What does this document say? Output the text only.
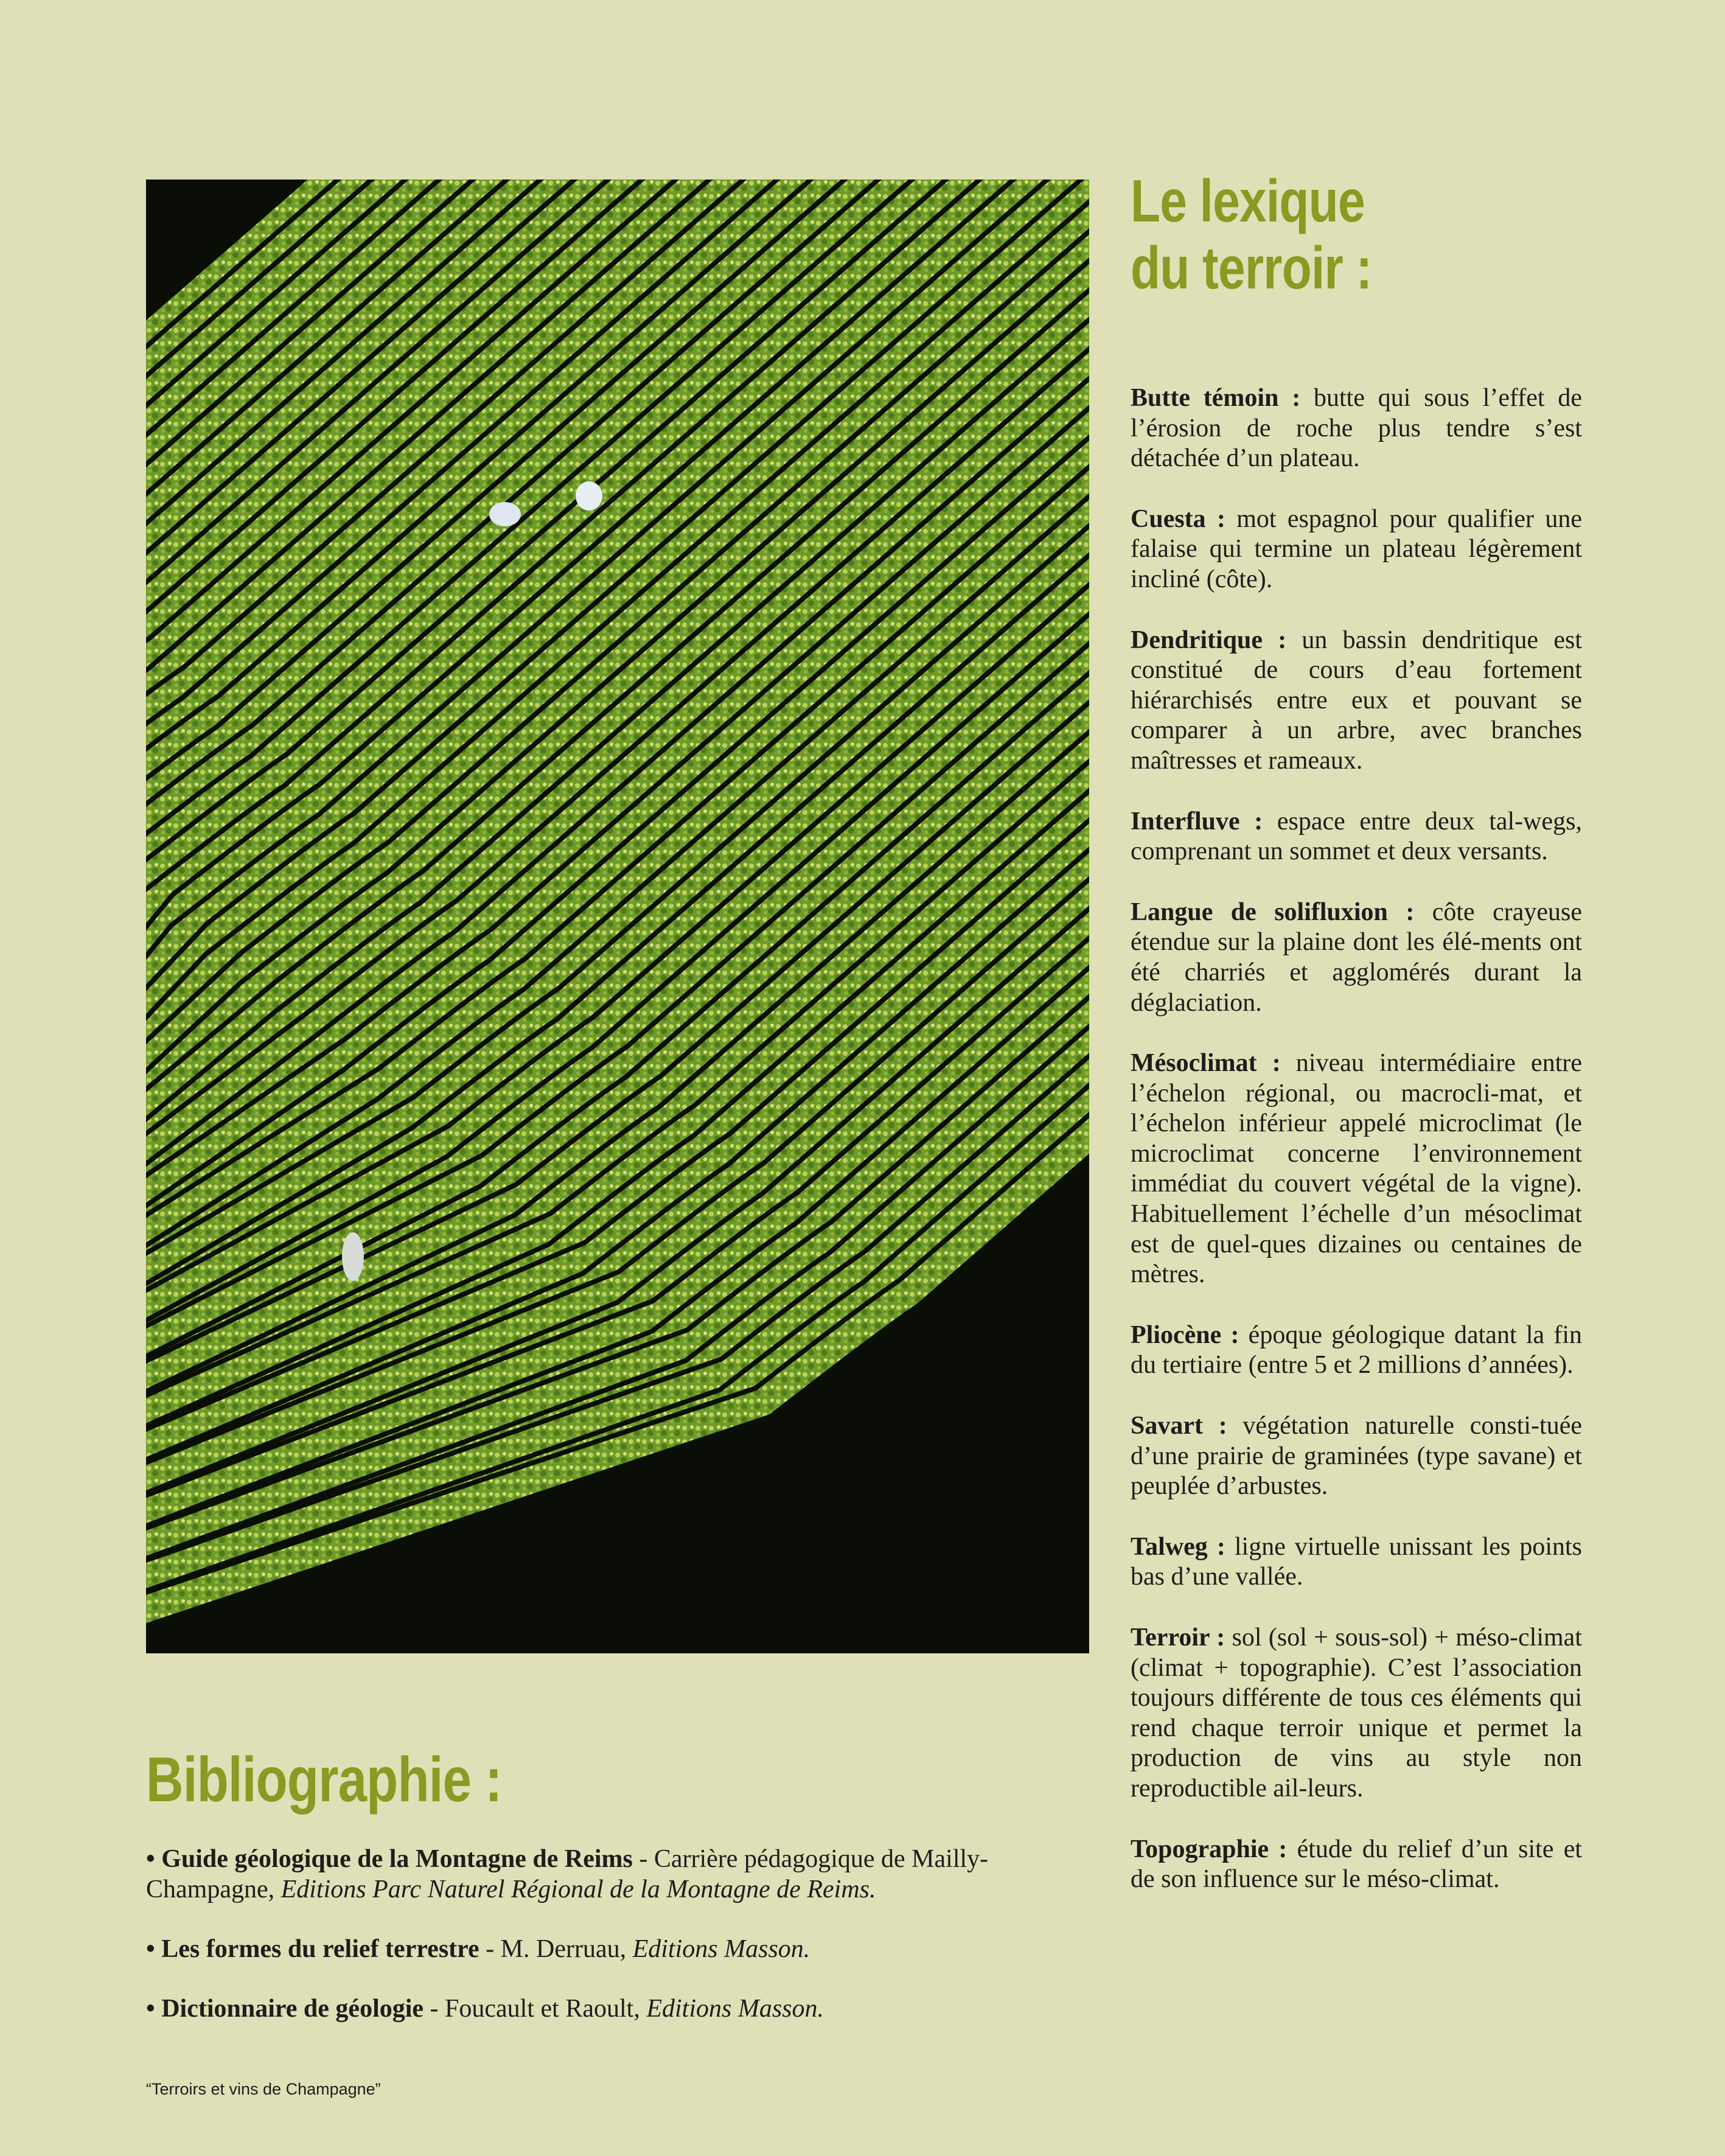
Le lexique
du terroir :
Butte témoin : butte qui sous l’effet de l’érosion de roche plus tendre s’est détachée d’un plateau.
Cuesta : mot espagnol pour qualifier une falaise qui termine un plateau légèrement incliné (côte).
Dendritique : un bassin dendritique est constitué de cours d’eau fortement hiérarchisés entre eux et pouvant se comparer à un arbre, avec branches maîtresses et rameaux.
Interfluve : espace entre deux tal-wegs, comprenant un sommet et deux versants.
Langue de solifluxion : côte crayeuse étendue sur la plaine dont les élé-ments ont été charriés et agglomérés durant la déglaciation.
Mésoclimat : niveau intermédiaire entre l’échelon régional, ou macrocli-mat, et l’échelon inférieur appelé microclimat (le microclimat concerne l’environnement immédiat du couvert végétal de la vigne). Habituellement l’échelle d’un mésoclimat est de quel-ques dizaines ou centaines de mètres.
Pliocène : époque géologique datant la fin du tertiaire (entre 5 et 2 millions d’années).
Savart : végétation naturelle consti-tuée d’une prairie de graminées (type savane) et peuplée d’arbustes.
Talweg : ligne virtuelle unissant les points bas d’une vallée.
Terroir : sol (sol + sous-sol) + méso-climat (climat + topographie). C’est l’association toujours différente de tous ces éléments qui rend chaque terroir unique et permet la production de vins au style non reproductible ail-leurs.
Topographie : étude du relief d’un site et de son influence sur le méso-climat.
Bibliographie :
• Guide géologique de la Montagne de Reims - Carrière pédagogique de Mailly-Champagne, Editions Parc Naturel Régional de la Montagne de Reims.
• Les formes du relief terrestre - M. Derruau, Editions Masson.
• Dictionnaire de géologie - Foucault et Raoult, Editions Masson.
“Terroirs et vins de Champagne”
